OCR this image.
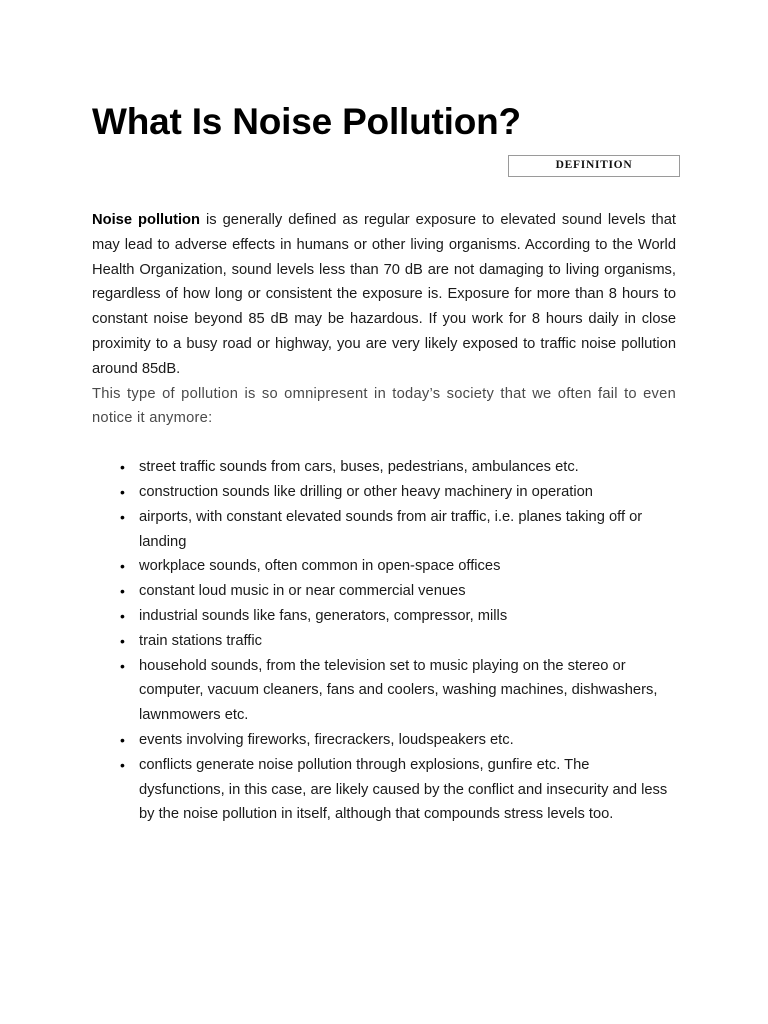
What Is Noise Pollution?
DEFINITION

Noise pollution is generally defined as regular exposure to elevated sound levels that may lead to adverse effects in humans or other living organisms. According to the World Health Organization, sound levels less than 70 dB are not damaging to living organisms, regardless of how long or consistent the exposure is. Exposure for more than 8 hours to constant noise beyond 85 dB may be hazardous. If you work for 8 hours daily in close proximity to a busy road or highway, you are very likely exposed to traffic noise pollution around 85dB.

This type of pollution is so omnipresent in today’s society that we often fail to even notice it anymore:

• street traffic sounds from cars, buses, pedestrians, ambulances etc.
• construction sounds like drilling or other heavy machinery in operation
• airports, with constant elevated sounds from air traffic, i.e. planes taking off or landing
• workplace sounds, often common in open-space offices
• constant loud music in or near commercial venues
• industrial sounds like fans, generators, compressor, mills
• train stations traffic
• household sounds, from the television set to music playing on the stereo or computer, vacuum cleaners, fans and coolers, washing machines, dishwashers, lawnmowers etc.
• events involving fireworks, firecrackers, loudspeakers etc.
• conflicts generate noise pollution through explosions, gunfire etc. The dysfunctions, in this case, are likely caused by the conflict and insecurity and less by the noise pollution in itself, although that compounds stress levels too.
